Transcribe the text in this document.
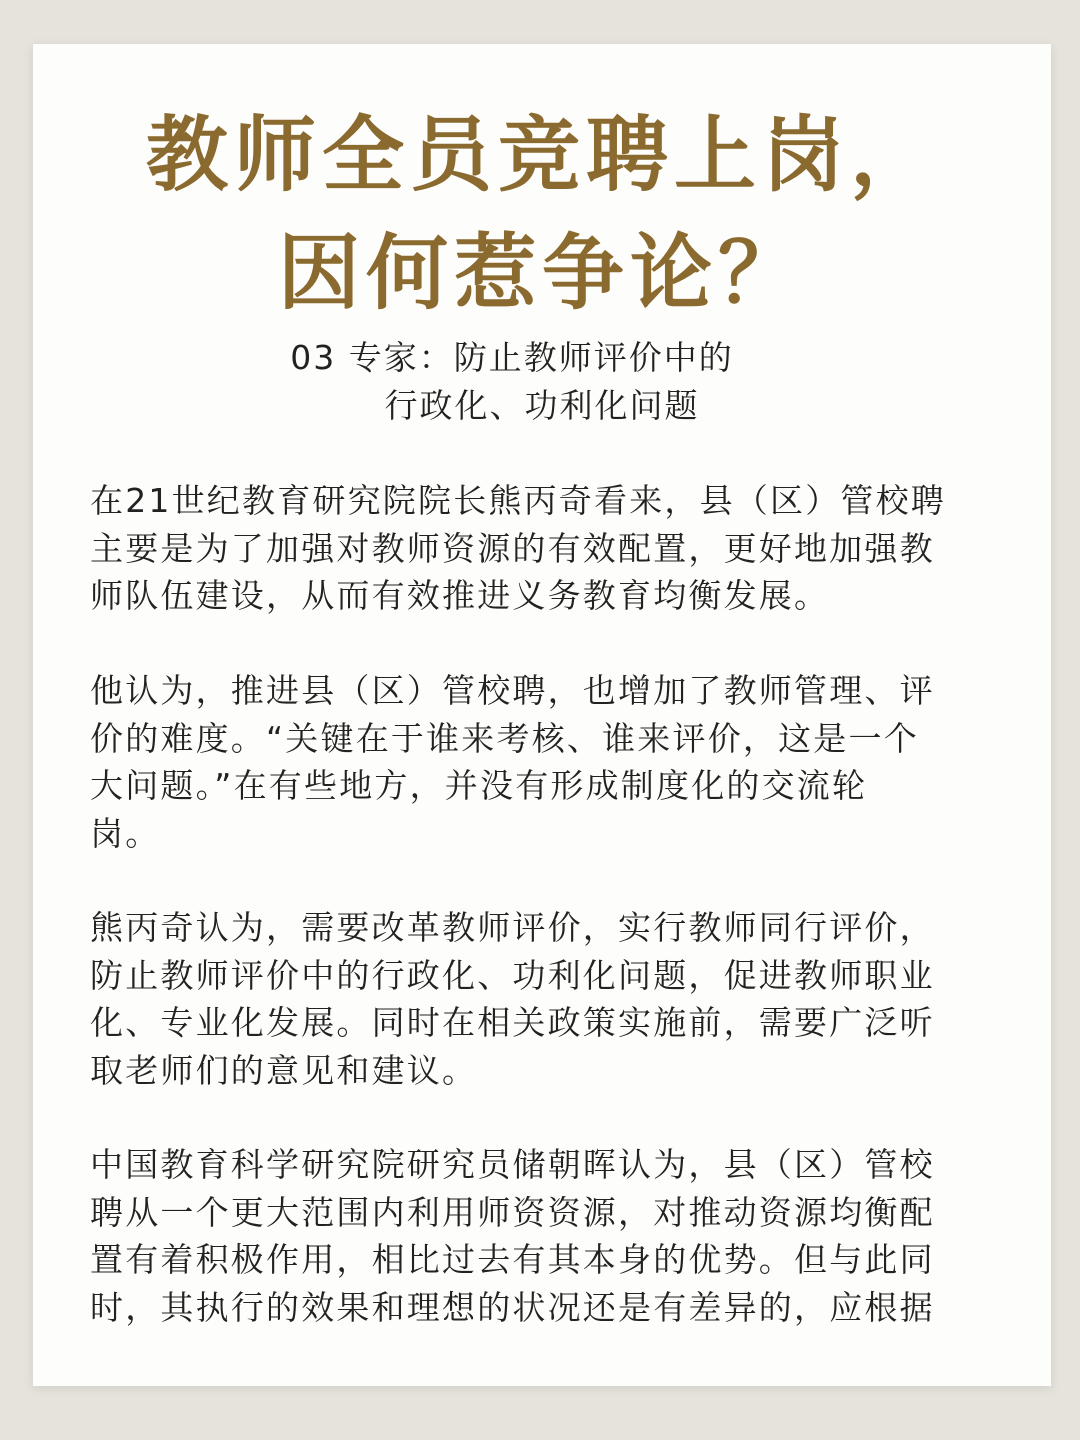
教师全员竞聘上岗，
因何惹争论？
03 专家：防止教师评价中的
行政化、功利化问题
在21世纪教育研究院院长熊丙奇看来，县（区）管校聘
主要是为了加强对教师资源的有效配置，更好地加强教
师队伍建设，从而有效推进义务教育均衡发展。
他认为，推进县（区）管校聘，也增加了教师管理、评
价的难度。“关键在于谁来考核、谁来评价，这是一个
大问题。”在有些地方，并没有形成制度化的交流轮
岗。
熊丙奇认为，需要改革教师评价，实行教师同行评价，
防止教师评价中的行政化、功利化问题，促进教师职业
化、专业化发展。同时在相关政策实施前，需要广泛听
取老师们的意见和建议。
中国教育科学研究院研究员储朝晖认为，县（区）管校
聘从一个更大范围内利用师资资源，对推动资源均衡配
置有着积极作用，相比过去有其本身的优势。但与此同
时，其执行的效果和理想的状况还是有差异的，应根据
